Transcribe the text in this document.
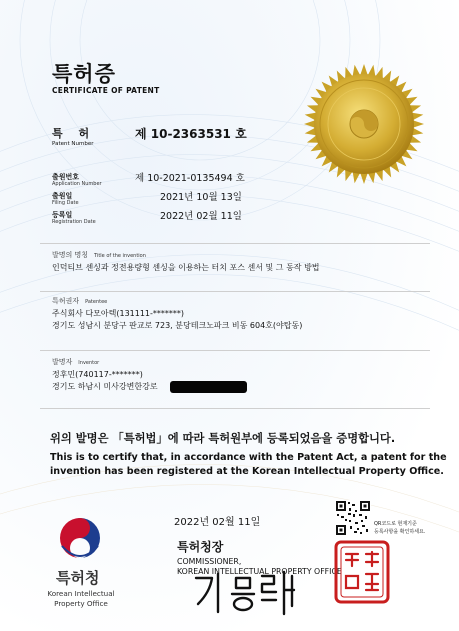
특허증
CERTIFICATE OF PATENT
특 허
Patent Number
제 10-2363531 호
출원번호
Application Number	제 10-2021-0135494 호
출원일
Filing Date	2021년 10월 13일
등록일
Registration Date	2022년 02월 11일
발명의 명칭 Title of the invention
인덕티브 센싱과 정전용량형 센싱을 이용하는 터치 포스 센서 및 그 동작 방법
특허권자 Patentee
주식회사 다모아텍(131111-*******)
경기도 성남시 분당구 판교로 723, 분당테크노파크 비동 604호(야탑동)
발명자 Inventor
정후민(740117-*******)
경기도 하남시 미사강변한강로
위의 발명은 「특허법」에 따라 특허원부에 등록되었음을 증명합니다.
This is to certify that, in accordance with the Patent Act, a patent for the
invention has been registered at the Korean Intellectual Property Office.
2022년 02월 11일	QR코드로 현재기준
등록사항을 확인하세요.
특허청장
COMMISSIONER,
KOREAN INTELLECTUAL PROPERTY OFFICE
특허청
Korean Intellectual Property Office
